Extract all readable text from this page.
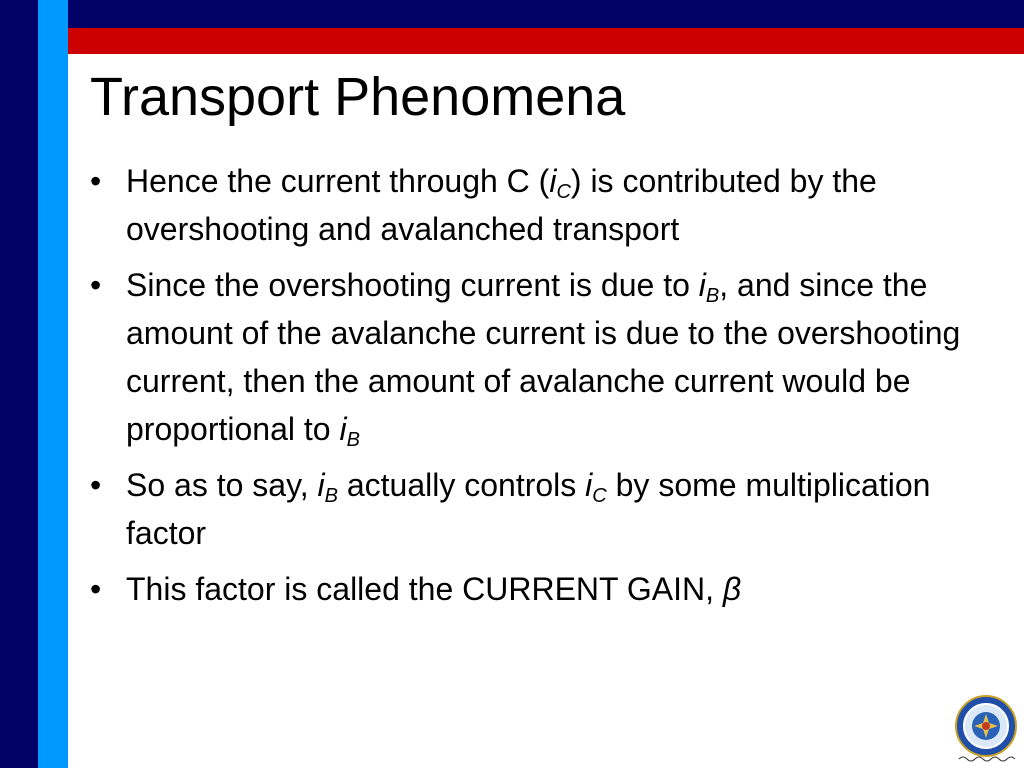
Transport Phenomena
• Hence the current through C $(i_C)$ is contributed by the overshooting and avalanched transport
• Since the overshooting current is due to $i_B$, and since the amount of the avalanche current is due to the overshooting current, then the amount of avalanche current would be proportional to $i_B$
• So as to say, $i_B$ actually controls $i_C$ by some multiplication factor
• This factor is called the CURRENT GAIN, β
